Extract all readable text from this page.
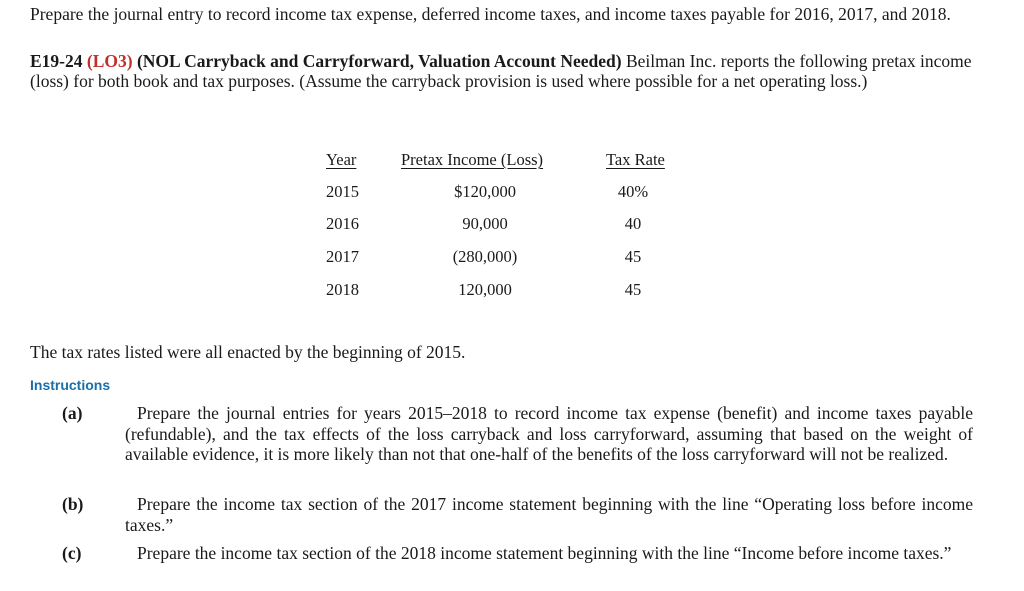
Prepare the journal entry to record income tax expense, deferred income taxes, and income taxes payable for 2016, 2017, and 2018.
E19-24 (LO3) (NOL Carryback and Carryforward, Valuation Account Needed) Beilman Inc. reports the following pretax income (loss) for both book and tax purposes. (Assume the carryback provision is used where possible for a net operating loss.)
Year	Pretax Income (Loss)	Tax Rate
2015	$120,000	40%
2016	90,000	40
2017	(280,000)	45
2018	120,000	45
The tax rates listed were all enacted by the beginning of 2015.
Instructions
(a)	Prepare the journal entries for years 2015–2018 to record income tax expense (benefit) and income taxes payable (refundable), and the tax effects of the loss carryback and loss carryforward, assuming that based on the weight of available evidence, it is more likely than not that one-half of the benefits of the loss carryforward will not be realized.
(b)	Prepare the income tax section of the 2017 income statement beginning with the line “Operating loss before income taxes.”
(c)	Prepare the income tax section of the 2018 income statement beginning with the line “Income before income taxes.”
